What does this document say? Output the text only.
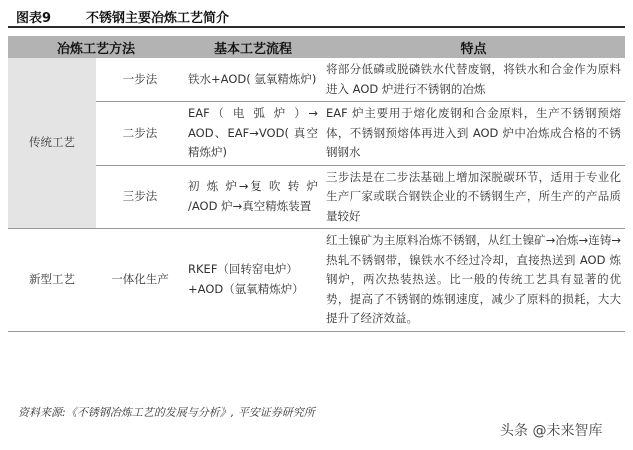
图表9	不锈钢主要冶炼工艺简介
冶炼工艺方法		基本工艺流程	特点
传统工艺	一步法	铁水+AOD( 氩氧精炼炉)	将部分低磷或脱磷铁水代替废钢，将铁水和合金作为原料进入 AOD 炉进行不锈钢的冶炼
	二步法	EAF（ 电 弧 炉 ）→ AOD、EAF→VOD( 真空精炼炉)	EAF 炉主要用于熔化废钢和合金原料，生产不锈钢预熔体，不锈钢预熔体再进入到 AOD 炉中冶炼成合格的不锈钢钢水
	三步法	初 炼 炉→复 吹 转 炉 /AOD 炉→真空精炼装置	三步法是在二步法基础上增加深脱碳环节，适用于专业化生产厂家或联合钢铁企业的不锈钢生产，所生产的产品质量较好
新型工艺	一体化生产	RKEF（回转窑电炉）+AOD（氩氧精炼炉）	红土镍矿为主原料冶炼不锈钢，从红土镍矿→冶炼→连铸→热轧不锈钢带，镍铁水不经过冷却，直接热送到 AOD 炼钢炉，两次热装热送。比一般的传统工艺具有显著的优势，提高了不锈钢的炼钢速度，减少了原料的损耗，大大提升了经济效益。
资料来源:《不锈钢冶炼工艺的发展与分析》, 平安证券研究所
头条 @未来智库
